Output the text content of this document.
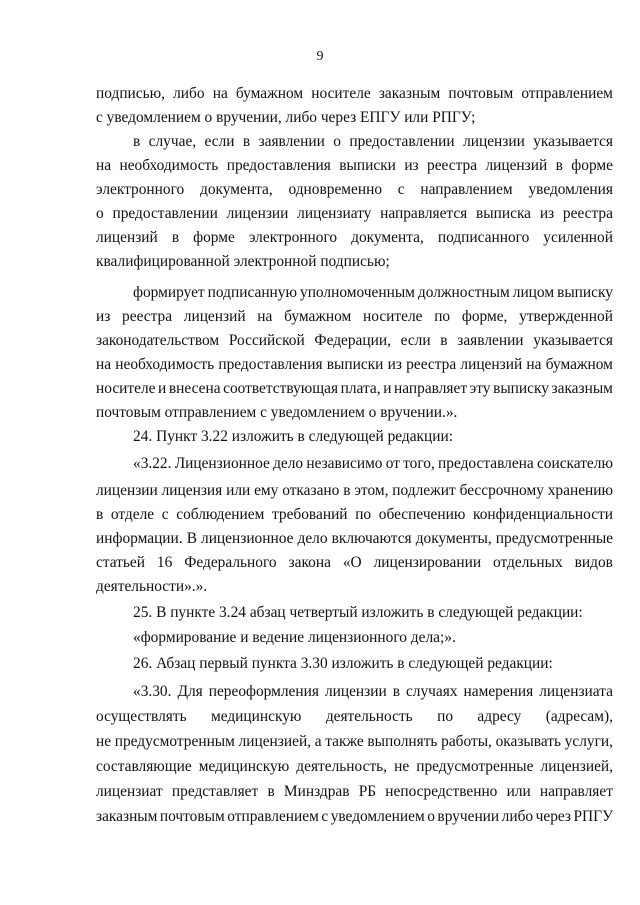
9
подписью, либо на бумажном носителе заказным почтовым отправлением
с уведомлением о вручении, либо через ЕПГУ или РПГУ;
в случае, если в заявлении о предоставлении лицензии указывается
на необходимость предоставления выписки из реестра лицензий в форме
электронного документа, одновременно с направлением уведомления
о предоставлении лицензии лицензиату направляется выписка из реестра
лицензий в форме электронного документа, подписанного усиленной
квалифицированной электронной подписью;
формирует подписанную уполномоченным должностным лицом выписку
из реестра лицензий на бумажном носителе по форме, утвержденной
законодательством Российской Федерации, если в заявлении указывается
на необходимость предоставления выписки из реестра лицензий на бумажном
носителе и внесена соответствующая плата, и направляет эту выписку заказным
почтовым отправлением с уведомлением о вручении.».
24. Пункт 3.22 изложить в следующей редакции:
«3.22. Лицензионное дело независимо от того, предоставлена соискателю
лицензии лицензия или ему отказано в этом, подлежит бессрочному хранению
в отделе с соблюдением требований по обеспечению конфиденциальности
информации. В лицензионное дело включаются документы, предусмотренные
статьей 16 Федерального закона «О лицензировании отдельных видов
деятельности».».
25. В пункте 3.24 абзац четвертый изложить в следующей редакции:
«формирование и ведение лицензионного дела;».
26. Абзац первый пункта 3.30 изложить в следующей редакции:
«3.30. Для переоформления лицензии в случаях намерения лицензиата
осуществлять медицинскую деятельность по адресу (адресам),
не предусмотренным лицензией, а также выполнять работы, оказывать услуги,
составляющие медицинскую деятельность, не предусмотренные лицензией,
лицензиат представляет в Минздрав РБ непосредственно или направляет
заказным почтовым отправлением с уведомлением о вручении либо через РПГУ
